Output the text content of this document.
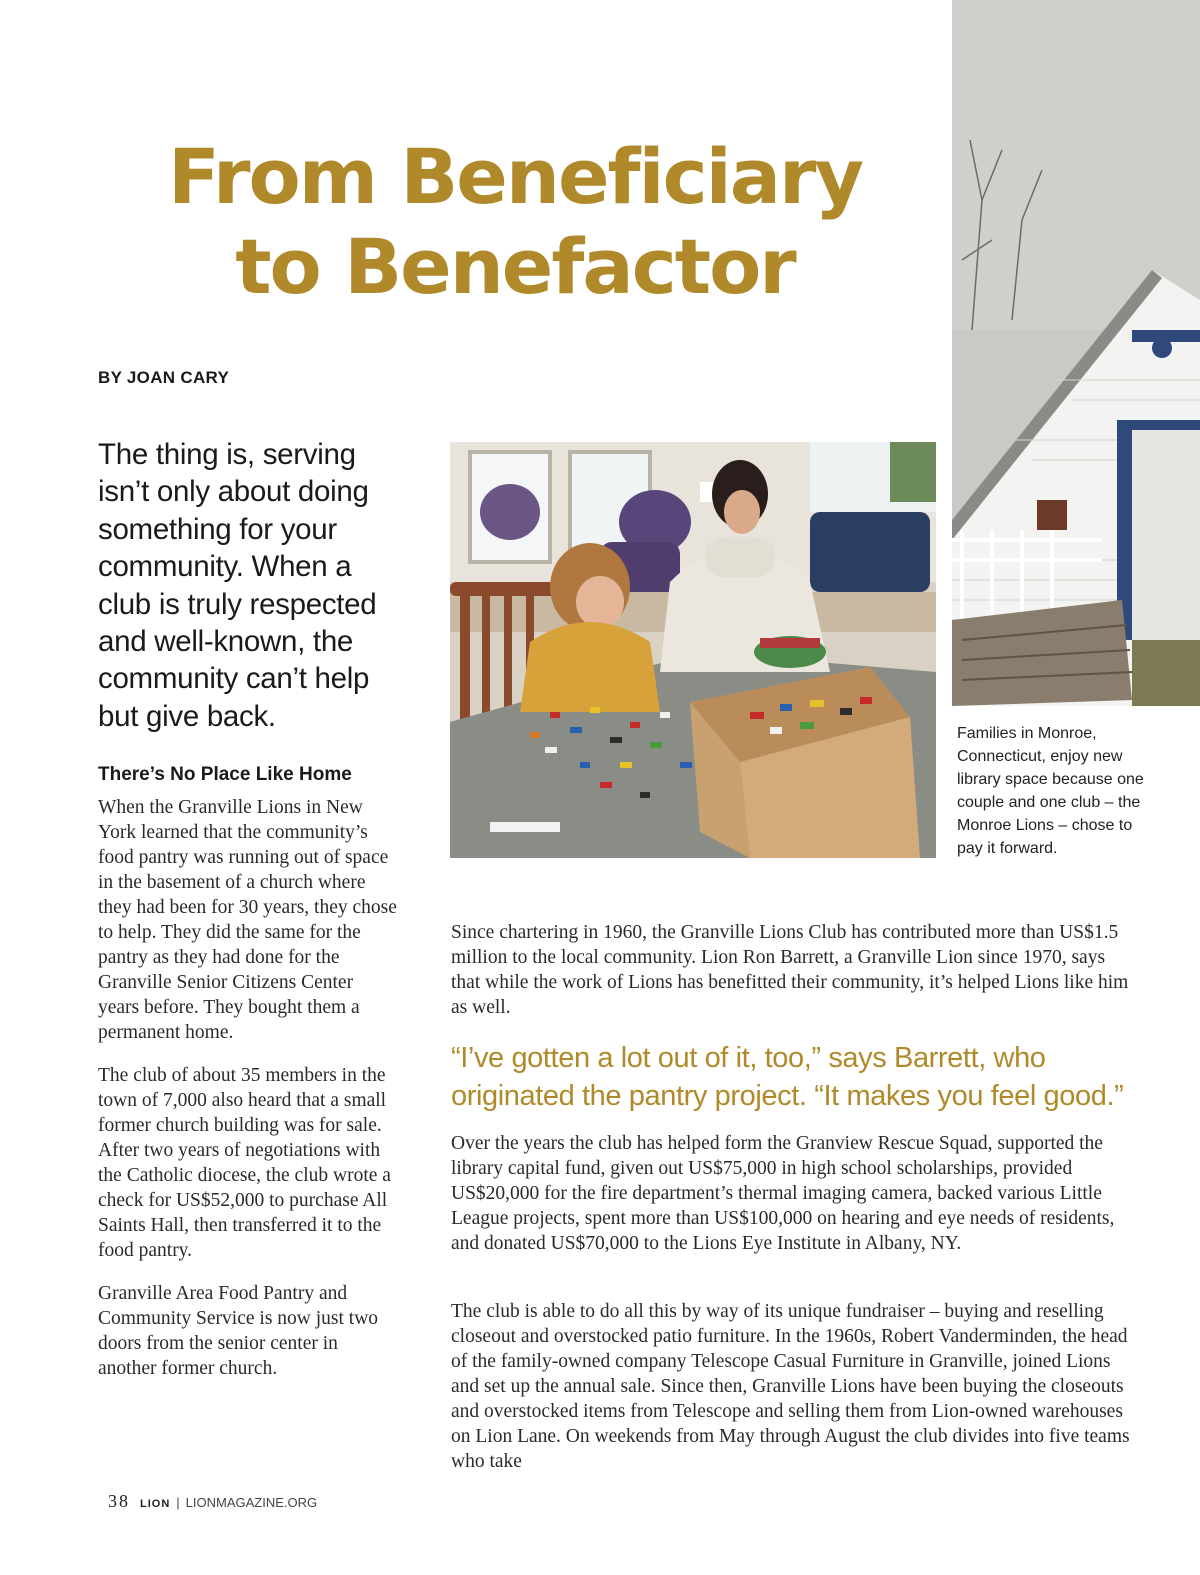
From Beneficiary
to Benefactor
BY JOAN CARY
The thing is, serving isn’t only about doing something for your community. When a club is truly respected and well-known, the community can’t help but give back.
There’s No Place Like Home

When the Granville Lions in New York learned that the community’s food pantry was running out of space in the basement of a church where they had been for 30 years, they chose to help. They did the same for the pantry as they had done for the Granville Senior Citizens Center years before. They bought them a permanent home.

The club of about 35 members in the town of 7,000 also heard that a small former church building was for sale. After two years of negotiations with the Catholic diocese, the club wrote a check for US$52,000 to purchase All Saints Hall, then transferred it to the food pantry.

Granville Area Food Pantry and Community Service is now just two doors from the senior center in another former church.

Families in Monroe, Connecticut, enjoy new library space because one couple and one club – the Monroe Lions – chose to pay it forward.

Since chartering in 1960, the Granville Lions Club has contributed more than US$1.5 million to the local community. Lion Ron Barrett, a Granville Lion since 1970, says that while the work of Lions has benefitted their community, it’s helped Lions like him as well.

“I’ve gotten a lot out of it, too,” says Barrett, who originated the pantry project. “It makes you feel good.”

Over the years the club has helped form the Granview Rescue Squad, supported the library capital fund, given out US$75,000 in high school scholarships, provided US$20,000 for the fire department’s thermal imaging camera, backed various Little League projects, spent more than US$100,000 on hearing and eye needs of residents, and donated US$70,000 to the Lions Eye Institute in Albany, NY.

The club is able to do all this by way of its unique fundraiser – buying and reselling closeout and overstocked patio furniture. In the 1960s, Robert Vanderminden, the head of the family-owned company Telescope Casual Furniture in Granville, joined Lions and set up the annual sale. Since then, Granville Lions have been buying the closeouts and overstocked items from Telescope and selling them from Lion-owned warehouses on Lion Lane. On weekends from May through August the club divides into five teams who take

38 LION | LIONMAGAZINE.ORG
